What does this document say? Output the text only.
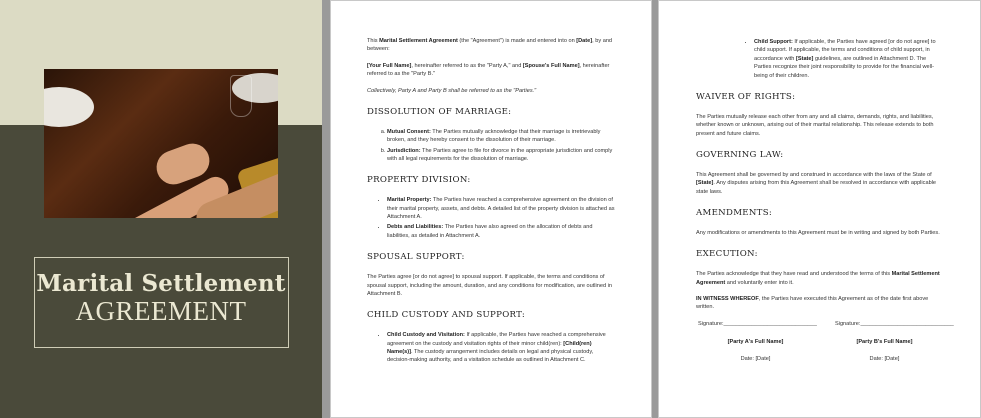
Marital Settlement
AGREEMENT

This Marital Settlement Agreement (the "Agreement") is made and entered into on [Date], by and between:

[Your Full Name], hereinafter referred to as the "Party A," and [Spouse's Full Name], hereinafter referred to as the "Party B."

Collectively, Party A and Party B shall be referred to as the "Parties."

DISSOLUTION OF MARRIAGE:
a. Mutual Consent: The Parties mutually acknowledge that their marriage is irretrievably broken, and they hereby consent to the dissolution of their marriage.
b. Jurisdiction: The Parties agree to file for divorce in the appropriate jurisdiction and comply with all legal requirements for the dissolution of marriage.
PROPERTY DIVISION:
• Marital Property: The Parties have reached a comprehensive agreement on the division of their marital property, assets, and debts. A detailed list of the property division is attached as Attachment A.
• Debts and Liabilities: The Parties have also agreed on the allocation of debts and liabilities, as detailed in Attachment A.
SPOUSAL SUPPORT:

The Parties agree [or do not agree] to spousal support. If applicable, the terms and conditions of spousal support, including the amount, duration, and any conditions for modification, are outlined in Attachment B.

CHILD CUSTODY AND SUPPORT:
• Child Custody and Visitation: If applicable, the Parties have reached a comprehensive agreement on the custody and visitation rights of their minor child(ren): [Child(ren) Name(s)]. The custody arrangement includes details on legal and physical custody, decision-making authority, and a visitation schedule as outlined in Attachment C.
• Child Support: If applicable, the Parties have agreed [or do not agree] to child support. If applicable, the terms and conditions of child support, in accordance with [State] guidelines, are outlined in Attachment D. The Parties recognize their joint responsibility to provide for the financial well-being of their children.
WAIVER OF RIGHTS:

The Parties mutually release each other from any and all claims, demands, rights, and liabilities, whether known or unknown, arising out of their marital relationship. This release extends to both present and future claims.

GOVERNING LAW:

This Agreement shall be governed by and construed in accordance with the laws of the State of [State]. Any disputes arising from this Agreement shall be resolved in accordance with applicable state laws.

AMENDMENTS:

Any modifications or amendments to this Agreement must be in writing and signed by both Parties.

EXECUTION:

The Parties acknowledge that they have read and understood the terms of this Marital Settlement Agreement and voluntarily enter into it.

IN WITNESS WHEREOF, the Parties have executed this Agreement as of the date first above written.

Signature:______________________________
[Party A's Full Name]
Date: [Date]
Signature:______________________________
[Party B's Full Name]
Date: [Date]
